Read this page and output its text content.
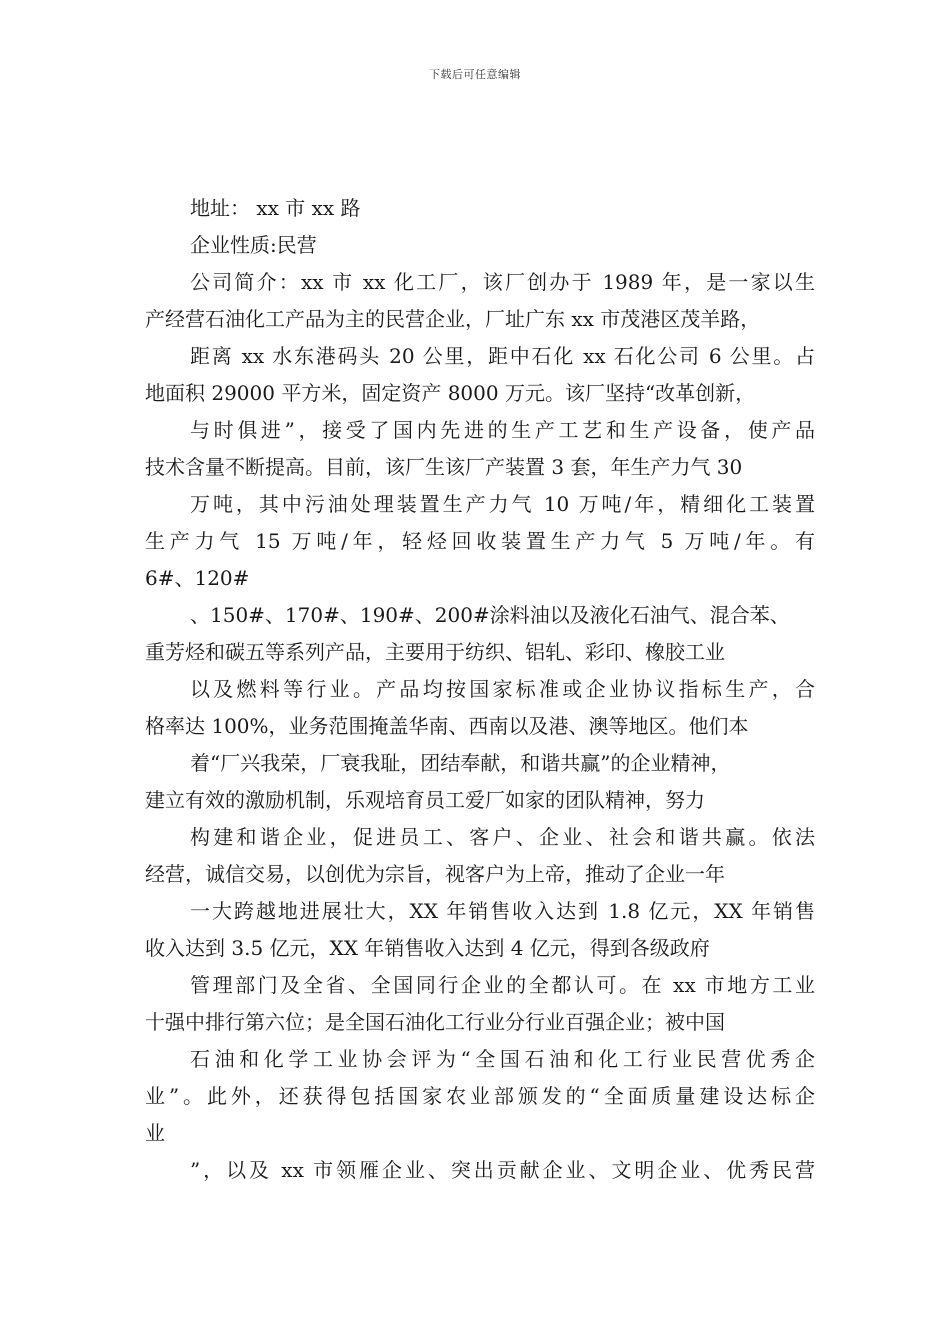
下载后可任意编辑
地址： xx 市 xx 路
企业性质:民营
公司简介：xx 市 xx 化工厂，该厂创办于 1989 年，是一家以生
产经营石油化工产品为主的民营企业，厂址广东 xx 市茂港区茂羊路，
距离 xx 水东港码头 20 公里，距中石化 xx 石化公司 6 公里。占
地面积 29000 平方米，固定资产 8000 万元。该厂坚持“改革创新，
与时俱进”，接受了国内先进的生产工艺和生产设备，使产品
技术含量不断提高。目前，该厂生该厂产装置 3 套，年生产力气 30
万吨，其中污油处理装置生产力气 10 万吨/年，精细化工装置
生产力气 15 万吨/年，轻烃回收装置生产力气 5 万吨/年。有
6#、120#
、150#、170#、190#、200#涂料油以及液化石油气、混合苯、
重芳烃和碳五等系列产品，主要用于纺织、铝轧、彩印、橡胶工业
以及燃料等行业。产品均按国家标准或企业协议指标生产，合
格率达 100%，业务范围掩盖华南、西南以及港、澳等地区。他们本
着“厂兴我荣，厂衰我耻，团结奉献，和谐共赢”的企业精神，
建立有效的激励机制，乐观培育员工爱厂如家的团队精神，努力
构建和谐企业，促进员工、客户、企业、社会和谐共赢。依法
经营，诚信交易，以创优为宗旨，视客户为上帝，推动了企业一年
一大跨越地进展壮大，XX 年销售收入达到 1.8 亿元，XX 年销售
收入达到 3.5 亿元，XX 年销售收入达到 4 亿元，得到各级政府
管理部门及全省、全国同行企业的全都认可。在 xx 市地方工业
十强中排行第六位；是全国石油化工行业分行业百强企业；被中国
石油和化学工业协会评为“全国石油和化工行业民营优秀企
业”。此外，还获得包括国家农业部颁发的“全面质量建设达标企
业
”，以及 xx 市领雁企业、突出贡献企业、文明企业、优秀民营
